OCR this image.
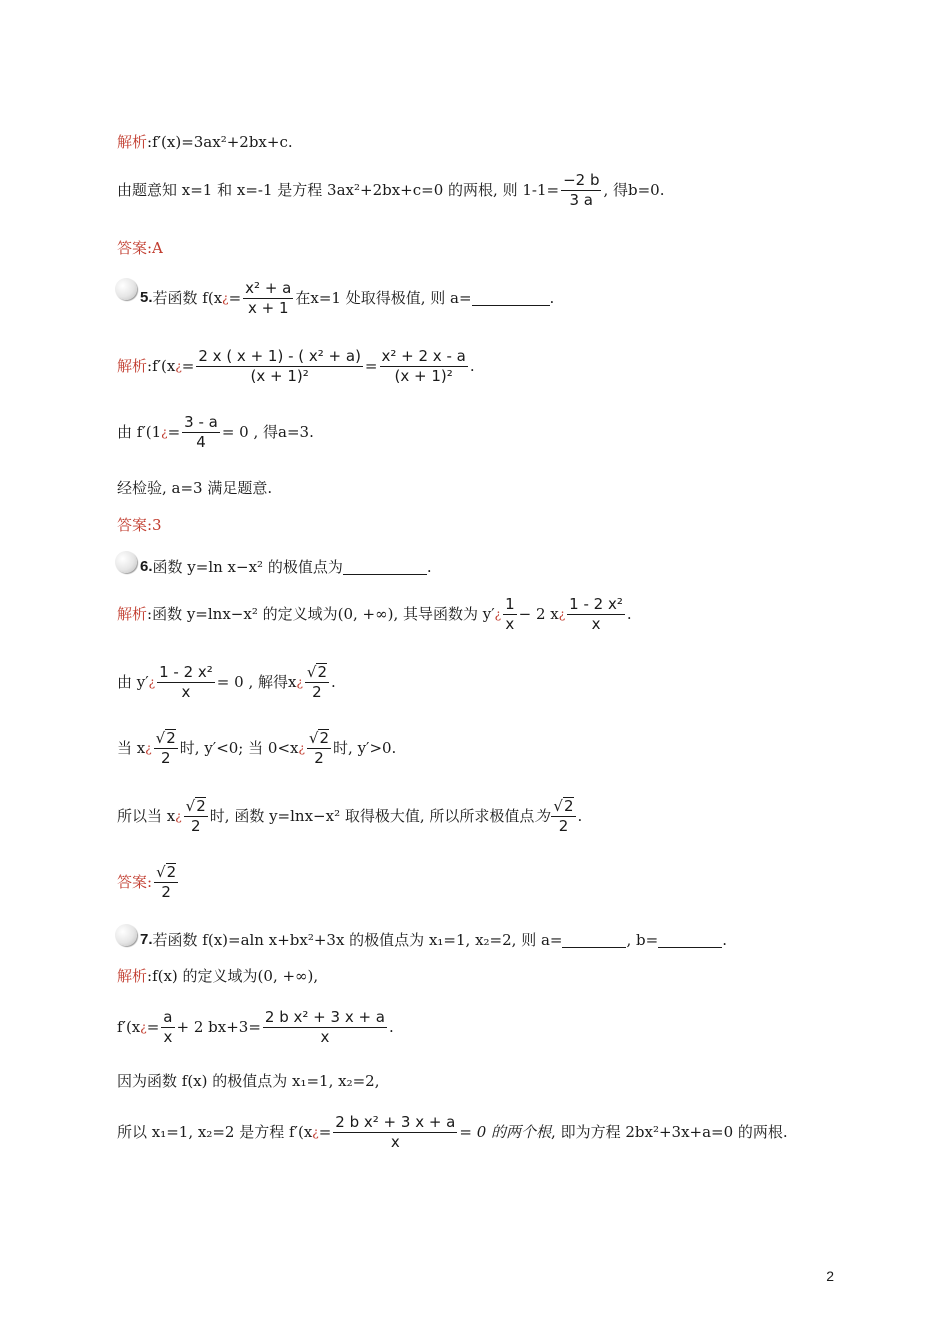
解析 :f′(x)=3ax²+2bx+c.
由题意知 x=1 和 x=-1 是方程 3ax²+2bx+c=0 的两根, 则 $1-1= \frac{-2 b}{3 a}$ , 得b=0.
答案:A
5. 若函数 f(x ¿ = $\frac{\text{x² + a}}{x + 1}$ 在x=1 处取得极值, 则 a=	.
解析 :f′(x ¿ = $\frac{\text{2 x ( x + 1) - ( x² + a)}}{\text{(x + 1)²}} = \frac{\text{x² + 2 x - a}}{\text{(x + 1)²}}$ .
由 f′(1 ¿ = $\frac{3 - a}{4} = 0$ , 得a=3.
经检验, a=3 满足题意.
答案:3
6. 函数 y=ln x−x² 的极值点为	.
解析 :函数 y=lnx−x² 的定义域为(0, +∞), 其导函数为 y′ ¿ $\frac{1}{x} - 2$ x ¿ $\frac{\text{1 - 2 x²}}{x}$ .
由 y′ ¿ $\frac{\text{1 - 2 x²}}{x} = 0$ , 解得x ¿ $\frac{√2}{2}$ .
当 x ¿ $\frac{√2}{2}$ 时, y′<0; 当 0<x ¿ $\frac{√2}{2}$ 时, y′>0.
所以当 x ¿ $\frac{√2}{2}$ 时, 函数 y=lnx−x² 取得极大值, 所以所求极值点 为 $\frac{√2}{2}$ .
答案: $\frac{√2}{2}$
7. 若函数 f(x)=aln x+bx²+3x 的极值点为 x₁=1, x₂=2, 则 a=	, b=	.
解析 :f(x) 的定义域为(0, +∞),
f′(x ¿ = $\frac{a}{x} + 2$ $bx+3 = \frac{\text{2 b x² + 3 x + a}}{x}$ .
因为函数 f(x) 的极值点为 x₁=1, x₂=2,
所以 x₁=1, x₂=2 是方程 f′(x ¿ = $\frac{\text{2 b x² + 3 x + a}}{x} = 0$ 的两个根 , 即为方程 2bx²+3x+a=0 的两根.
2
